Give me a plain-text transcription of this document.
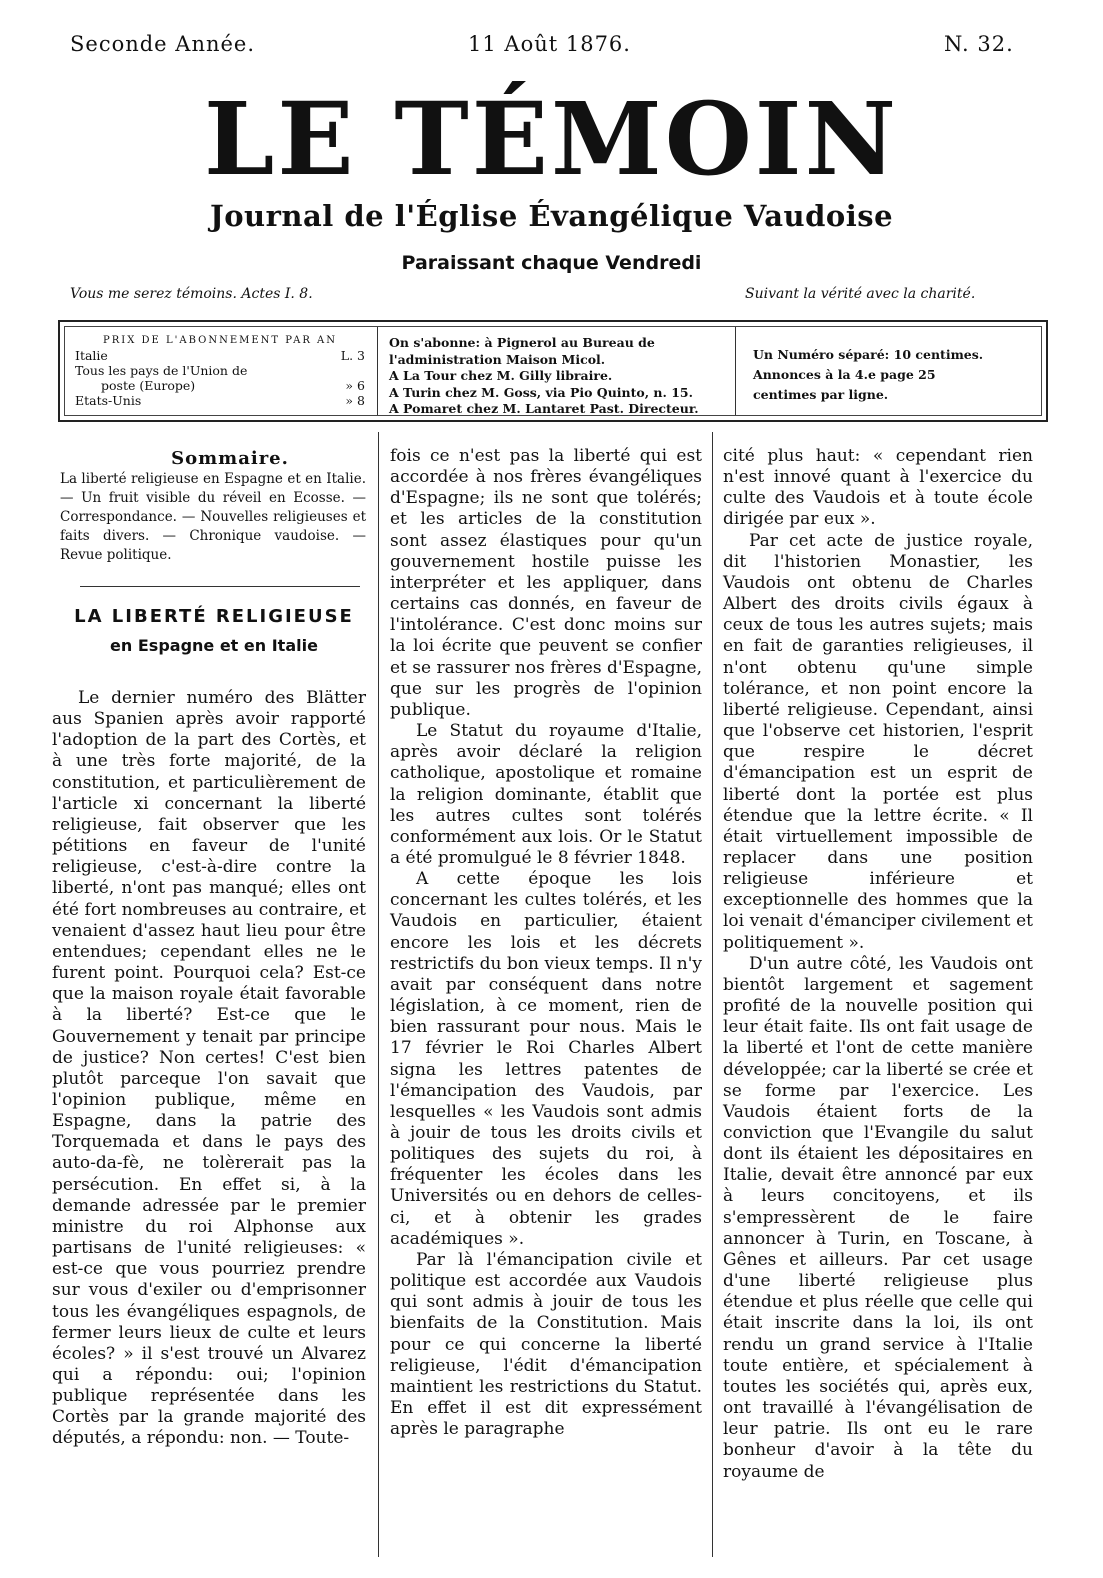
Seconde Année.	11 Août 1876.	N. 32.
LE TÉMOIN
Journal de l'Église Évangélique Vaudoise
Paraissant chaque Vendredi
Vous me serez témoins. Actes I. 8.	Suivant la vérité avec la charité.
PRIX DE L'ABONNEMENT PAR AN
Italie	L. 3
Tous les pays de l'Union de
poste (Europe)	» 6
Etats-Unis	» 8
On s'abonne: à Pignerol au Bureau de l'administration Maison Micol.
A La Tour chez M. Gilly libraire.
A Turin chez M. Goss, via Pio Quinto, n. 15.
A Pomaret chez M. Lantaret Past. Directeur.
Un Numéro séparé: 10 centimes.
Annonces à la 4.e page 25 centimes par ligne.
Sommaire.
La liberté religieuse en Espagne et en Italie. — Un fruit visible du réveil en Ecosse. — Correspondance. — Nouvelles religieuses et faits divers. — Chronique vaudoise. — Revue politique.
LA LIBERTÉ RELIGIEUSE
en Espagne et en Italie

Le dernier numéro des Blätter aus Spanien après avoir rapporté l'adoption de la part des Cortès, et à une très forte majorité, de la constitution, et particulièrement de l'article xi concernant la liberté religieuse, fait observer que les pétitions en faveur de l'unité religieuse, c'est-à-dire contre la liberté, n'ont pas manqué; elles ont été fort nombreuses au contraire, et venaient d'assez haut lieu pour être entendues; cependant elles ne le furent point. Pourquoi cela? Est-ce que la maison royale était favorable à la liberté? Est-ce que le Gouvernement y tenait par principe de justice? Non certes! C'est bien plutôt parceque l'on savait que l'opinion publique, même en Espagne, dans la patrie des Torquemada et dans le pays des auto-da-fè, ne tolèrerait pas la persécution. En effet si, à la demande adressée par le premier ministre du roi Alphonse aux partisans de l'unité religieuses: « est-ce que vous pourriez prendre sur vous d'exiler ou d'emprisonner tous les évangéliques espagnols, de fermer leurs lieux de culte et leurs écoles? » il s'est trouvé un Alvarez qui a répondu: oui; l'opinion publique représentée dans les Cortès par la grande majorité des députés, a répondu: non. — Toute-

fois ce n'est pas la liberté qui est accordée à nos frères évangéliques d'Espagne; ils ne sont que tolérés; et les articles de la constitution sont assez élastiques pour qu'un gouvernement hostile puisse les interpréter et les appliquer, dans certains cas donnés, en faveur de l'intolérance. C'est donc moins sur la loi écrite que peuvent se confier et se rassurer nos frères d'Espagne, que sur les progrès de l'opinion publique.

Le Statut du royaume d'Italie, après avoir déclaré la religion catholique, apostolique et romaine la religion dominante, établit que les autres cultes sont tolérés conformément aux lois. Or le Statut a été promulgué le 8 février 1848.

A cette époque les lois concernant les cultes tolérés, et les Vaudois en particulier, étaient encore les lois et les décrets restrictifs du bon vieux temps. Il n'y avait par conséquent dans notre législation, à ce moment, rien de bien rassurant pour nous. Mais le 17 février le Roi Charles Albert signa les lettres patentes de l'émancipation des Vaudois, par lesquelles « les Vaudois sont admis à jouir de tous les droits civils et politiques des sujets du roi, à fréquenter les écoles dans les Universités ou en dehors de celles-ci, et à obtenir les grades académiques ».

Par là l'émancipation civile et politique est accordée aux Vaudois qui sont admis à jouir de tous les bienfaits de la Constitution. Mais pour ce qui concerne la liberté religieuse, l'édit d'émancipation maintient les restrictions du Statut. En effet il est dit expressément après le paragraphe

cité plus haut: « cependant rien n'est innové quant à l'exercice du culte des Vaudois et à toute école dirigée par eux ».

Par cet acte de justice royale, dit l'historien Monastier, les Vaudois ont obtenu de Charles Albert des droits civils égaux à ceux de tous les autres sujets; mais en fait de garanties religieuses, il n'ont obtenu qu'une simple tolérance, et non point encore la liberté religieuse. Cependant, ainsi que l'observe cet historien, l'esprit que respire le décret d'émancipation est un esprit de liberté dont la portée est plus étendue que la lettre écrite. « Il était virtuellement impossible de replacer dans une position religieuse inférieure et exceptionnelle des hommes que la loi venait d'émanciper civilement et politiquement ».

D'un autre côté, les Vaudois ont bientôt largement et sagement profité de la nouvelle position qui leur était faite. Ils ont fait usage de la liberté et l'ont de cette manière développée; car la liberté se crée et se forme par l'exercice. Les Vaudois étaient forts de la conviction que l'Evangile du salut dont ils étaient les dépositaires en Italie, devait être annoncé par eux à leurs concitoyens, et ils s'empressèrent de le faire annoncer à Turin, en Toscane, à Gênes et ailleurs. Par cet usage d'une liberté religieuse plus étendue et plus réelle que celle qui était inscrite dans la loi, ils ont rendu un grand service à l'Italie toute entière, et spécialement à toutes les sociétés qui, après eux, ont travaillé à l'évangélisation de leur patrie. Ils ont eu le rare bonheur d'avoir à la tête du royaume de
